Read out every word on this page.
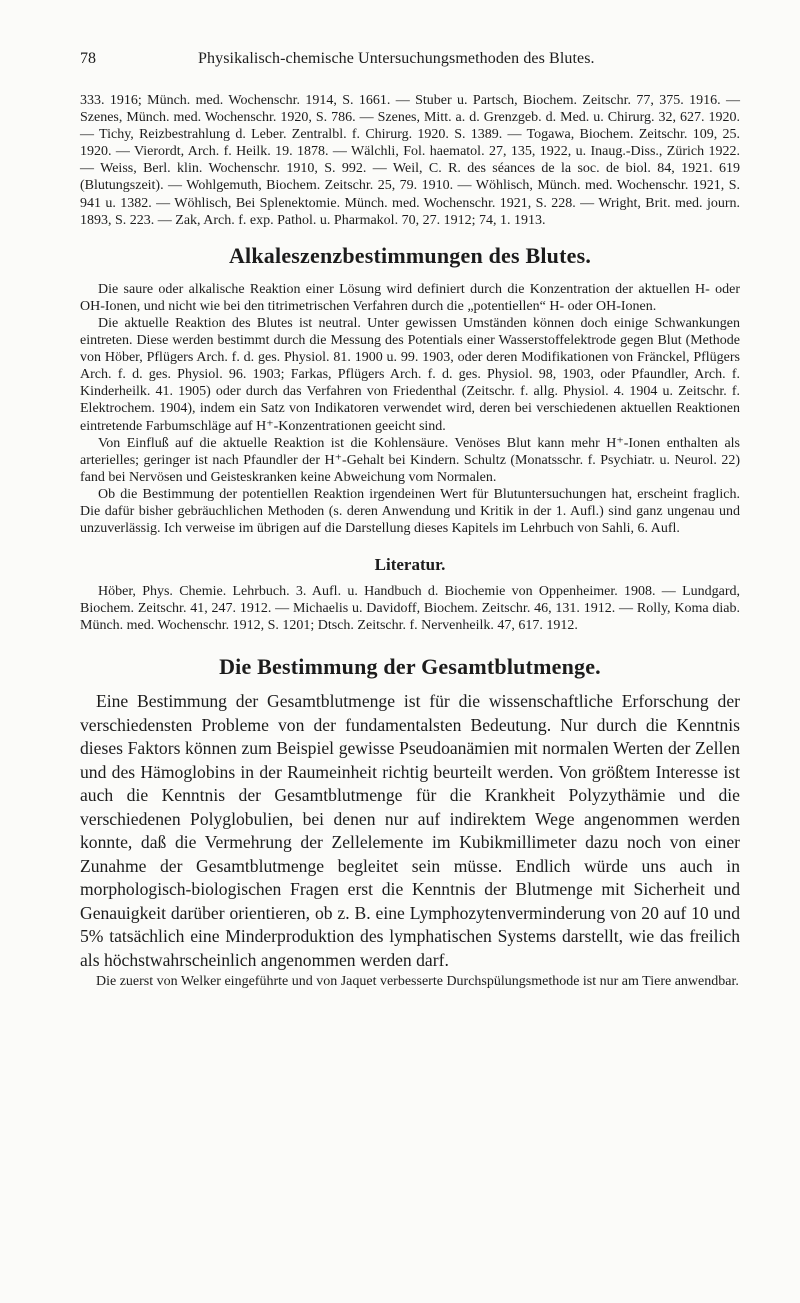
78	Physikalisch-chemische Untersuchungsmethoden des Blutes.

333. 1916; Münch. med. Wochenschr. 1914, S. 1661. — Stuber u. Partsch, Biochem. Zeitschr. 77, 375. 1916. — Szenes, Münch. med. Wochenschr. 1920, S. 786. — Szenes, Mitt. a. d. Grenzgeb. d. Med. u. Chirurg. 32, 627. 1920. — Tichy, Reizbestrahlung d. Leber. Zentralbl. f. Chirurg. 1920. S. 1389. — Togawa, Biochem. Zeitschr. 109, 25. 1920. — Vierordt, Arch. f. Heilk. 19. 1878. — Wälchli, Fol. haematol. 27, 135, 1922, u. Inaug.-Diss., Zürich 1922. — Weiss, Berl. klin. Wochenschr. 1910, S. 992. — Weil, C. R. des séances de la soc. de biol. 84, 1921. 619 (Blutungszeit). — Wohlgemuth, Biochem. Zeitschr. 25, 79. 1910. — Wöhlisch, Münch. med. Wochenschr. 1921, S. 941 u. 1382. — Wöhlisch, Bei Splenektomie. Münch. med. Wochenschr. 1921, S. 228. — Wright, Brit. med. journ. 1893, S. 223. — Zak, Arch. f. exp. Pathol. u. Pharmakol. 70, 27. 1912; 74, 1. 1913.

Alkaleszenzbestimmungen des Blutes.

Die saure oder alkalische Reaktion einer Lösung wird definiert durch die Konzentration der aktuellen H- oder OH-Ionen, und nicht wie bei den titrimetrischen Verfahren durch die „potentiellen“ H- oder OH-Ionen.

Die aktuelle Reaktion des Blutes ist neutral. Unter gewissen Umständen können doch einige Schwankungen eintreten. Diese werden bestimmt durch die Messung des Potentials einer Wasserstoffelektrode gegen Blut (Methode von Höber, Pflügers Arch. f. d. ges. Physiol. 81. 1900 u. 99. 1903, oder deren Modifikationen von Fränckel, Pflügers Arch. f. d. ges. Physiol. 96. 1903; Farkas, Pflügers Arch. f. d. ges. Physiol. 98, 1903, oder Pfaundler, Arch. f. Kinderheilk. 41. 1905) oder durch das Verfahren von Friedenthal (Zeitschr. f. allg. Physiol. 4. 1904 u. Zeitschr. f. Elektrochem. 1904), indem ein Satz von Indikatoren verwendet wird, deren bei verschiedenen aktuellen Reaktionen eintretende Farbumschläge auf H⁺-Konzentrationen geeicht sind.

Von Einfluß auf die aktuelle Reaktion ist die Kohlensäure. Venöses Blut kann mehr H⁺-Ionen enthalten als arterielles; geringer ist nach Pfaundler der H⁺-Gehalt bei Kindern. Schultz (Monatsschr. f. Psychiatr. u. Neurol. 22) fand bei Nervösen und Geisteskranken keine Abweichung vom Normalen.

Ob die Bestimmung der potentiellen Reaktion irgendeinen Wert für Blutuntersuchungen hat, erscheint fraglich. Die dafür bisher gebräuchlichen Methoden (s. deren Anwendung und Kritik in der 1. Aufl.) sind ganz ungenau und unzuverlässig. Ich verweise im übrigen auf die Darstellung dieses Kapitels im Lehrbuch von Sahli, 6. Aufl.

Literatur.

Höber, Phys. Chemie. Lehrbuch. 3. Aufl. u. Handbuch d. Biochemie von Oppenheimer. 1908. — Lundgard, Biochem. Zeitschr. 41, 247. 1912. — Michaelis u. Davidoff, Biochem. Zeitschr. 46, 131. 1912. — Rolly, Koma diab. Münch. med. Wochenschr. 1912, S. 1201; Dtsch. Zeitschr. f. Nervenheilk. 47, 617. 1912.

Die Bestimmung der Gesamtblutmenge.

Eine Bestimmung der Gesamtblutmenge ist für die wissenschaftliche Erforschung der verschiedensten Probleme von der fundamentalsten Bedeutung. Nur durch die Kenntnis dieses Faktors können zum Beispiel gewisse Pseudoanämien mit normalen Werten der Zellen und des Hämoglobins in der Raumeinheit richtig beurteilt werden. Von größtem Interesse ist auch die Kenntnis der Gesamtblutmenge für die Krankheit Polyzythämie und die verschiedenen Polyglobulien, bei denen nur auf indirektem Wege angenommen werden konnte, daß die Vermehrung der Zellelemente im Kubikmillimeter dazu noch von einer Zunahme der Gesamtblutmenge begleitet sein müsse. Endlich würde uns auch in morphologisch-biologischen Fragen erst die Kenntnis der Blutmenge mit Sicherheit und Genauigkeit darüber orientieren, ob z. B. eine Lymphozytenverminderung von 20 auf 10 und 5% tatsächlich eine Minderproduktion des lymphatischen Systems darstellt, wie das freilich als höchstwahrscheinlich angenommen werden darf.

Die zuerst von Welker eingeführte und von Jaquet verbesserte Durchspülungsmethode ist nur am Tiere anwendbar.
